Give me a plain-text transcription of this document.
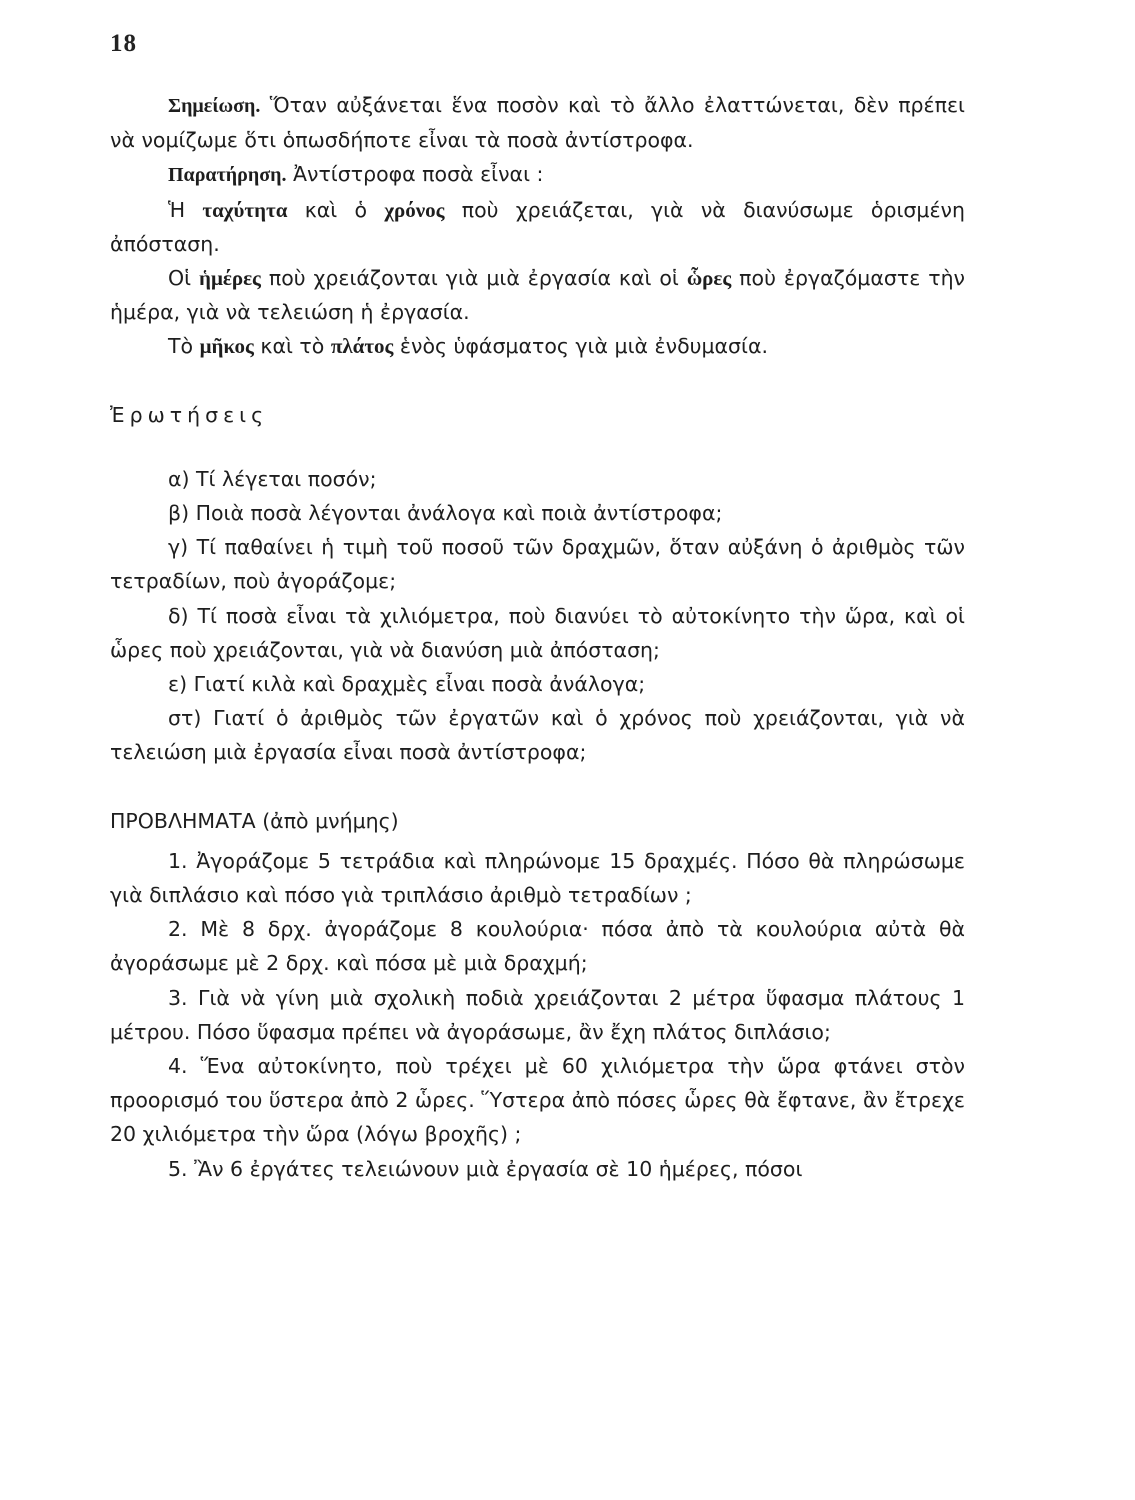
18

Σημείωση. Ὅταν αὐξάνεται ἕνα ποσὸν καὶ τὸ ἄλλο ἐλαττώνεται, δὲν πρέπει νὰ νομίζωμε ὅτι ὁπωσδήποτε εἶναι τὰ ποσὰ ἀντίστροφα.

Παρατήρηση. Ἀντίστροφα ποσὰ εἶναι :

Ἡ ταχύτητα καὶ ὁ χρόνος ποὺ χρειάζεται, γιὰ νὰ διανύσωμε ὁρισμένη ἀπόσταση.

Οἱ ἡμέρες ποὺ χρειάζονται γιὰ μιὰ ἐργασία καὶ οἱ ὧρες ποὺ ἐργαζόμαστε τὴν ἡμέρα, γιὰ νὰ τελειώση ἡ ἐργασία.

Τὸ μῆκος καὶ τὸ πλάτος ἑνὸς ὑφάσματος γιὰ μιὰ ἐνδυμασία.

Ἐρωτήσεις

α) Τί λέγεται ποσόν;

β) Ποιὰ ποσὰ λέγονται ἀνάλογα καὶ ποιὰ ἀντίστροφα;

γ) Τί παθαίνει ἡ τιμὴ τοῦ ποσοῦ τῶν δραχμῶν, ὅταν αὐξάνη ὁ ἀριθμὸς τῶν τετραδίων, ποὺ ἀγοράζομε;

δ) Τί ποσὰ εἶναι τὰ χιλιόμετρα, ποὺ διανύει τὸ αὐτοκίνητο τὴν ὥρα, καὶ οἱ ὧρες ποὺ χρειάζονται, γιὰ νὰ διανύση μιὰ ἀπόσταση;

ε) Γιατί κιλὰ καὶ δραχμὲς εἶναι ποσὰ ἀνάλογα;

στ) Γιατί ὁ ἀριθμὸς τῶν ἐργατῶν καὶ ὁ χρόνος ποὺ χρειάζονται, γιὰ νὰ τελειώση μιὰ ἐργασία εἶναι ποσὰ ἀντίστροφα;

ΠΡΟΒΛΗΜΑΤΑ (ἀπὸ μνήμης)

1. Ἀγοράζομε 5 τετράδια καὶ πληρώνομε 15 δραχμές. Πόσο θὰ πληρώσωμε γιὰ διπλάσιο καὶ πόσο γιὰ τριπλάσιο ἀριθμὸ τετραδίων ;

2. Μὲ 8 δρχ. ἀγοράζομε 8 κουλούρια· πόσα ἀπὸ τὰ κουλούρια αὐτὰ θὰ ἀγοράσωμε μὲ 2 δρχ. καὶ πόσα μὲ μιὰ δραχμή;

3. Γιὰ νὰ γίνη μιὰ σχολικὴ ποδιὰ χρειάζονται 2 μέτρα ὕφασμα πλάτους 1 μέτρου. Πόσο ὕφασμα πρέπει νὰ ἀγοράσωμε, ἂν ἔχη πλάτος διπλάσιο;

4. Ἕνα αὐτοκίνητο, ποὺ τρέχει μὲ 60 χιλιόμετρα τὴν ὥρα φτάνει στὸν προορισμό του ὕστερα ἀπὸ 2 ὧρες. Ὕστερα ἀπὸ πόσες ὧρες θὰ ἔφτανε, ἂν ἔτρεχε 20 χιλιόμετρα τὴν ὥρα (λόγω βροχῆς) ;

5. Ἂν 6 ἐργάτες τελειώνουν μιὰ ἐργασία σὲ 10 ἡμέρες, πόσοι
